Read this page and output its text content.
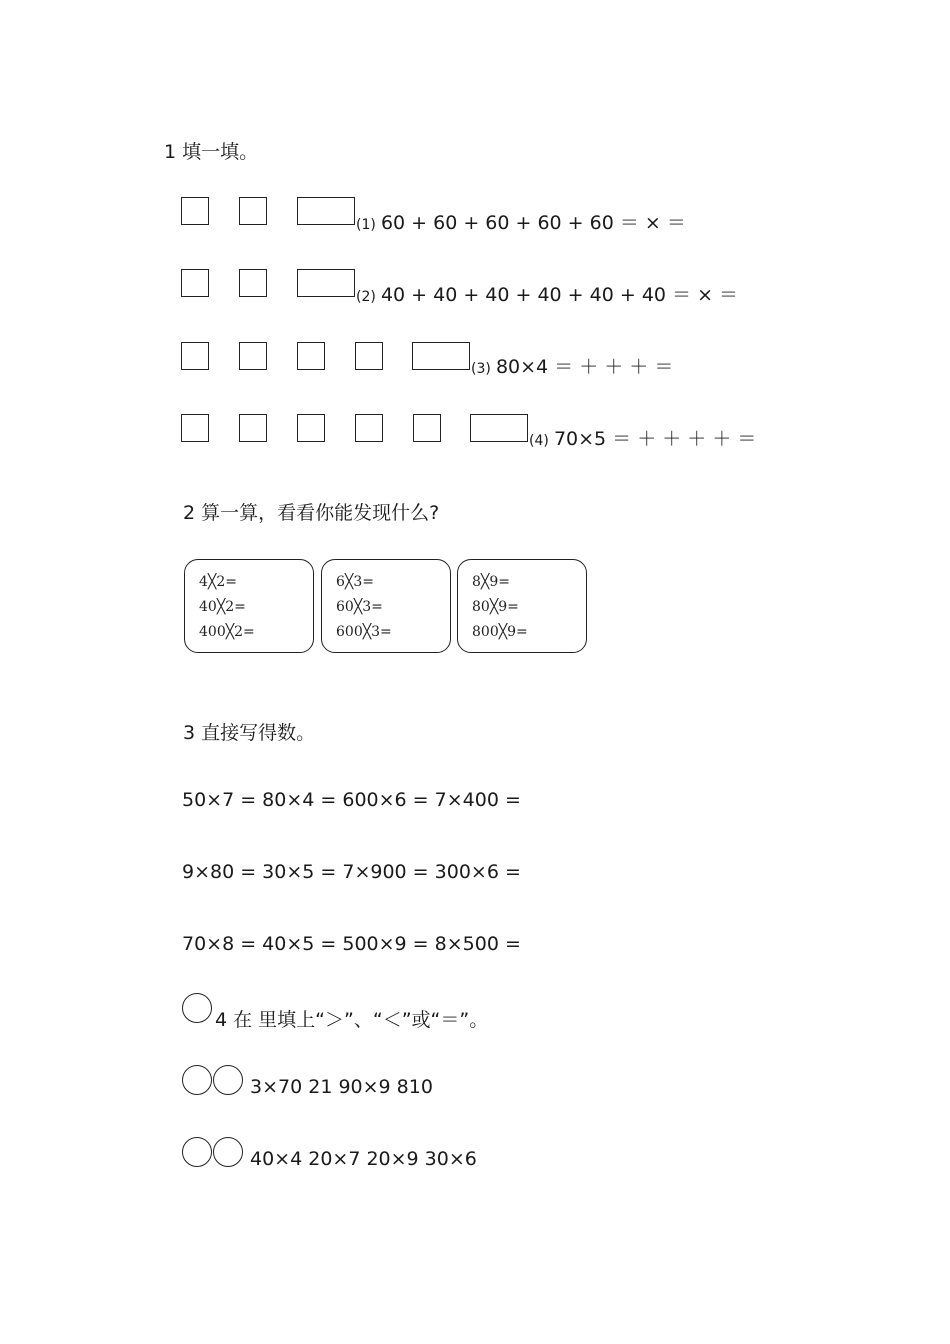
1 填一填。
(1) 60 + 60 + 60 + 60 + 60 ＝ × ＝
(2) 40 + 40 + 40 + 40 + 40 + 40 ＝ × ＝
(3) 80×4 ＝ ＋ ＋ ＋ ＝
(4) 70×5 ＝ ＋ ＋ ＋ ＋ ＝
2 算一算，看看你能发现什么?
4╳2=
40╳2=
400╳2=
6╳3=
60╳3=
600╳3=
8╳9=
80╳9=
800╳9=
3 直接写得数。
50×7 = 80×4 = 600×6 = 7×400 =
9×80 = 30×5 = 7×900 = 300×6 =
70×8 = 40×5 = 500×9 = 8×500 =
4 在 里填上“＞”、“＜”或“＝”。
3×70 21 90×9 810
40×4 20×7 20×9 30×6
